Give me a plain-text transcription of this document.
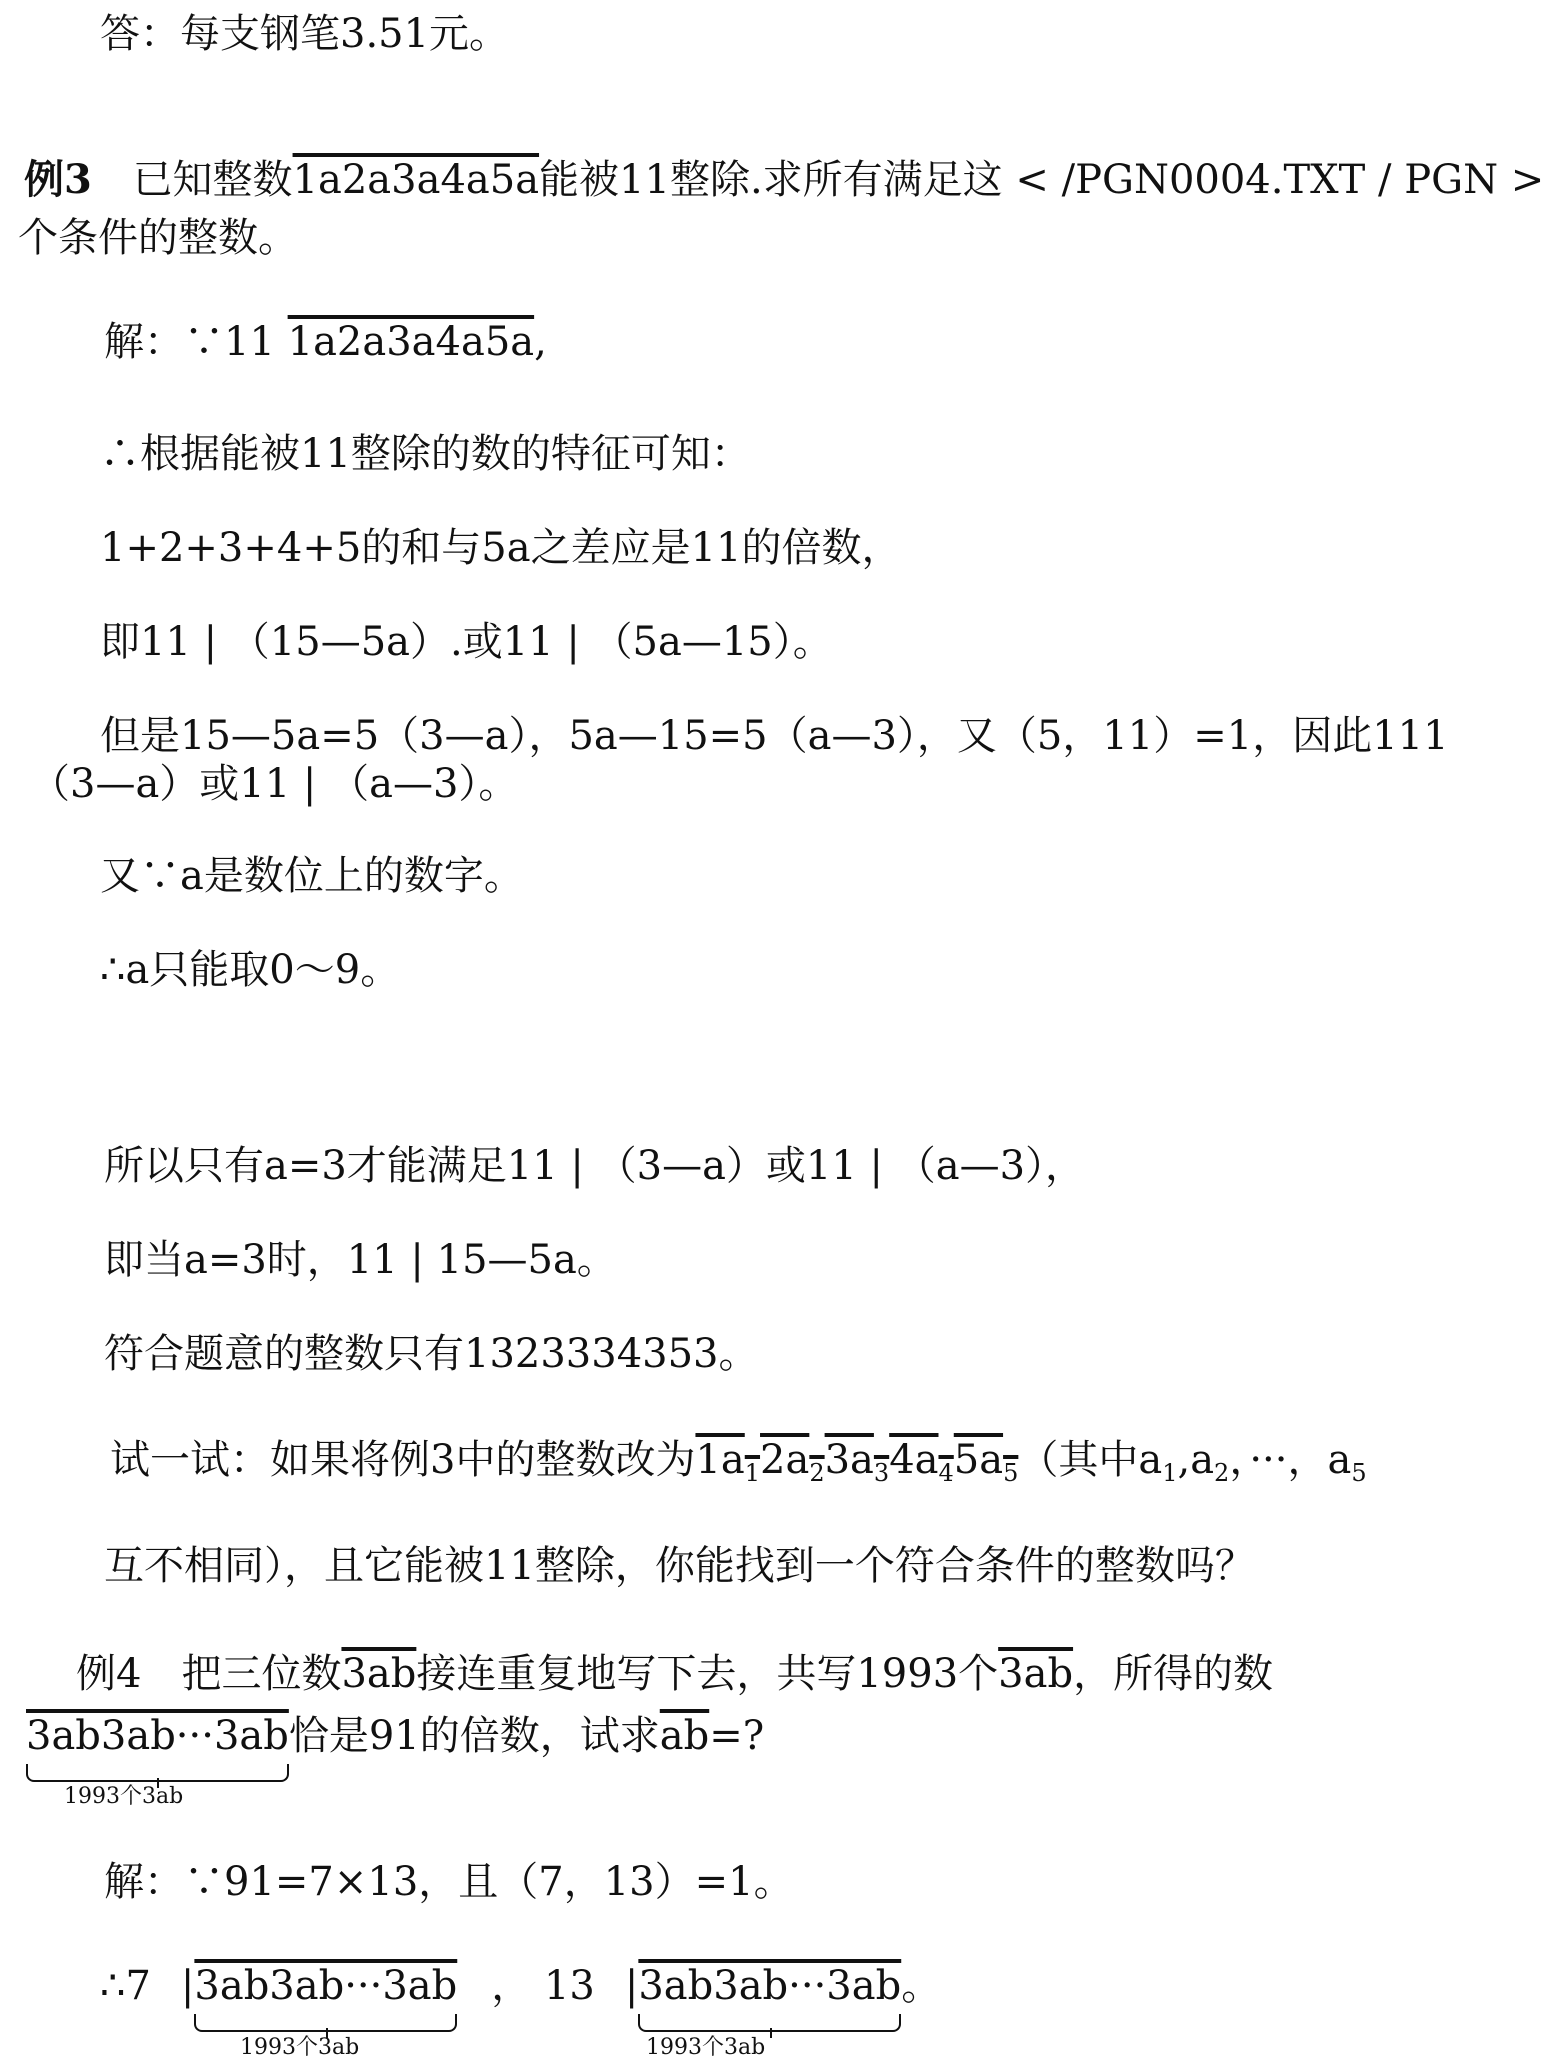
答：每支钢笔3.51元。
例3 已知整数1a2a3a4a5a能被11整除.求所有满足这 < /PGN0004.TXT / PGN >
个条件的整数。
解：∵11 1a2a3a4a5a,
∴根据能被11整除的数的特征可知：
1+2+3+4+5的和与5a之差应是11的倍数，
即11 | （15—5a）.或11 | （5a—15）。
但是15—5a=5（3—a），5a—15=5（a—3），又（5，11）=1，因此111
（3—a）或11 | （a—3）。
又∵a是数位上的数字。
∴a只能取0～9。
所以只有a=3才能满足11 | （3—a）或11 | （a—3），
即当a=3时，11 | 15—5a。
符合题意的整数只有1323334353。
试一试：如果将例3中的整数改为$1a_12a_23a_34a_45a_5$（其中$a_1,a_2$，···，$a_5$
互不相同），且它能被11整除，你能找到一个符合条件的整数吗？
例4　把三位数3ab接连重复地写下去，共写1993个3ab，所得的数
3ab3ab···3ab
恰是91的倍数，试求$\overline{ab}=$?
1993个3ab
解：∵91=7×13，且（7，13）=1。
∴7 |3ab3ab···3ab ， 13 |3ab3ab···3ab
。
1993个3ab	1993个3ab
